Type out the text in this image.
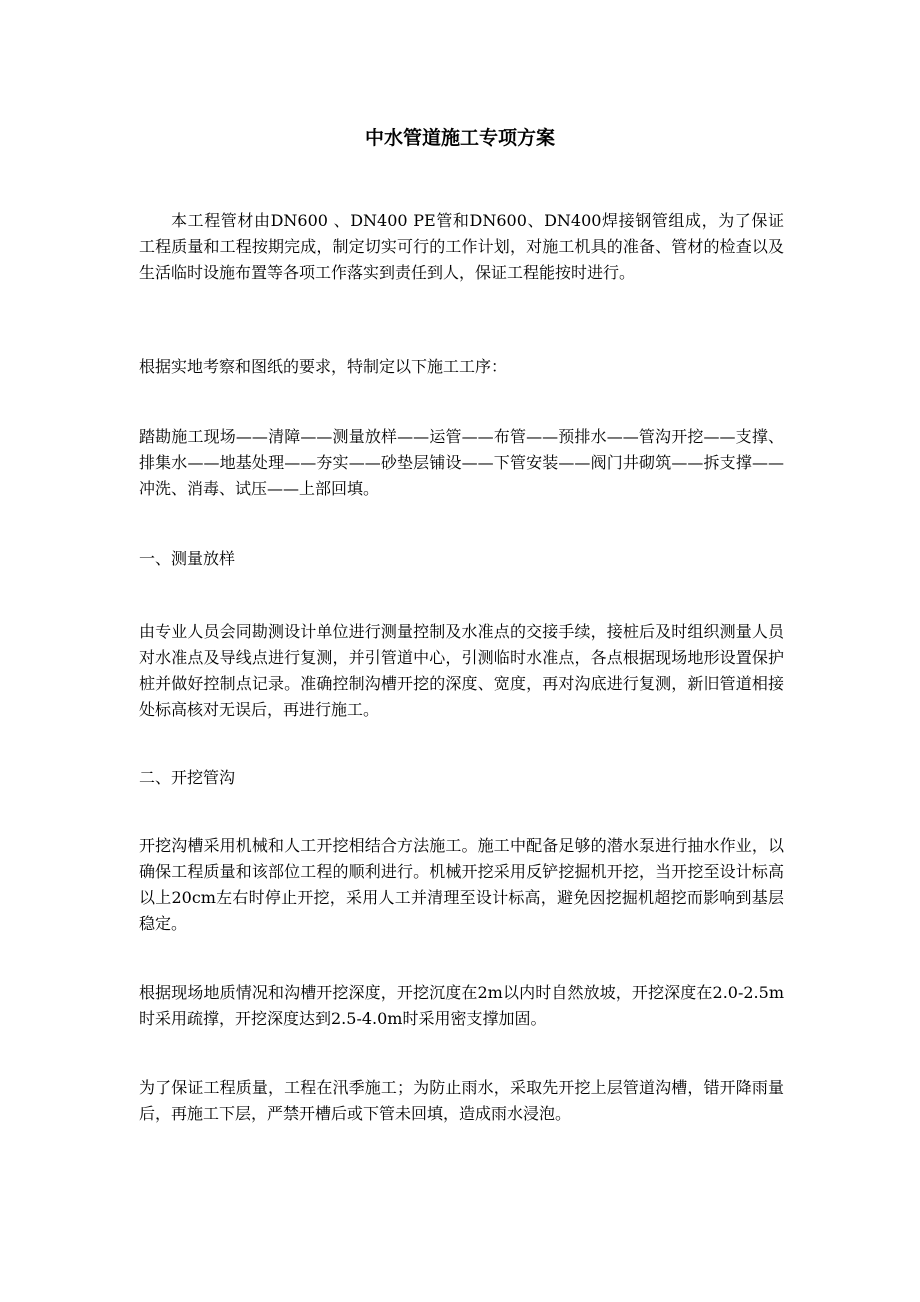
中水管道施工专项方案

本工程管材由DN600 、DN400 PE管和DN600、DN400焊接钢管组成，为了保证工程质量和工程按期完成，制定切实可行的工作计划，对施工机具的准备、管材的检查以及生活临时设施布置等各项工作落实到责任到人，保证工程能按时进行。

根据实地考察和图纸的要求，特制定以下施工工序：

踏勘施工现场——清障——测量放样——运管——布管——预排水——管沟开挖——支撑、排集水——地基处理——夯实——砂垫层铺设——下管安装——阀门井砌筑——拆支撑——冲洗、消毒、试压——上部回填。

一、测量放样

由专业人员会同勘测设计单位进行测量控制及水准点的交接手续，接桩后及时组织测量人员对水准点及导线点进行复测，并引管道中心，引测临时水准点，各点根据现场地形设置保护桩并做好控制点记录。准确控制沟槽开挖的深度、宽度，再对沟底进行复测，新旧管道相接处标高核对无误后，再进行施工。

二、开挖管沟

开挖沟槽采用机械和人工开挖相结合方法施工。施工中配备足够的潜水泵进行抽水作业，以确保工程质量和该部位工程的顺利进行。机械开挖采用反铲挖掘机开挖，当开挖至设计标高以上20cm左右时停止开挖，采用人工并清理至设计标高，避免因挖掘机超挖而影响到基层稳定。

根据现场地质情况和沟槽开挖深度，开挖沉度在2m以内时自然放坡，开挖深度在2.0-2.5m时采用疏撑，开挖深度达到2.5-4.0m时采用密支撑加固。

为了保证工程质量，工程在汛季施工；为防止雨水，采取先开挖上层管道沟槽，错开降雨量后，再施工下层，严禁开槽后或下管未回填，造成雨水浸泡。
